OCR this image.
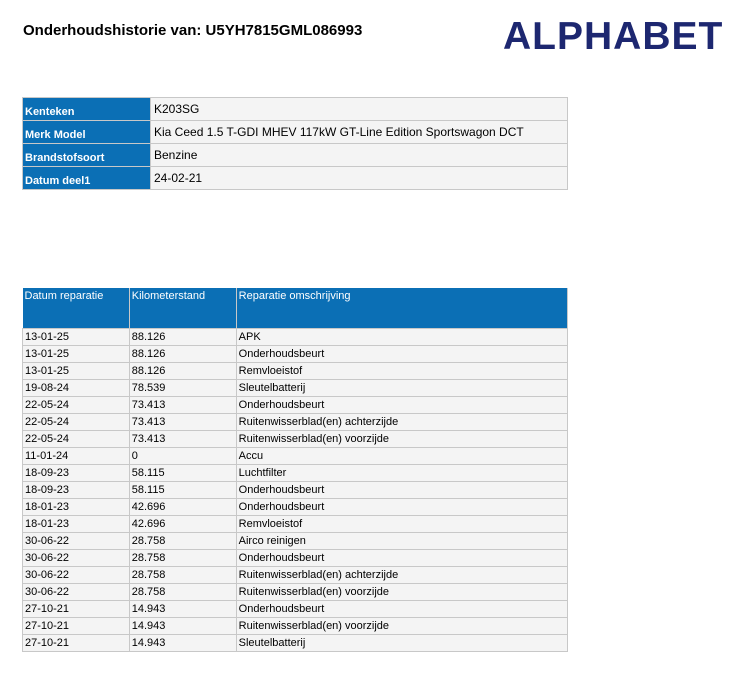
Onderhoudshistorie van: U5YH7815GML086993	ALPHABET
Kenteken	K203SG
Merk Model	Kia Ceed 1.5 T-GDI MHEV 117kW GT-Line Edition Sportswagon DCT
Brandstofsoort	Benzine
Datum deel1	24-02-21
Datum reparatie	Kilometerstand	Reparatie omschrijving
13-01-25	88.126	APK
13-01-25	88.126	Onderhoudsbeurt
13-01-25	88.126	Remvloeistof
19-08-24	78.539	Sleutelbatterij
22-05-24	73.413	Onderhoudsbeurt
22-05-24	73.413	Ruitenwisserblad(en) achterzijde
22-05-24	73.413	Ruitenwisserblad(en) voorzijde
11-01-24	0	Accu
18-09-23	58.115	Luchtfilter
18-09-23	58.115	Onderhoudsbeurt
18-01-23	42.696	Onderhoudsbeurt
18-01-23	42.696	Remvloeistof
30-06-22	28.758	Airco reinigen
30-06-22	28.758	Onderhoudsbeurt
30-06-22	28.758	Ruitenwisserblad(en) achterzijde
30-06-22	28.758	Ruitenwisserblad(en) voorzijde
27-10-21	14.943	Onderhoudsbeurt
27-10-21	14.943	Ruitenwisserblad(en) voorzijde
27-10-21	14.943	Sleutelbatterij
